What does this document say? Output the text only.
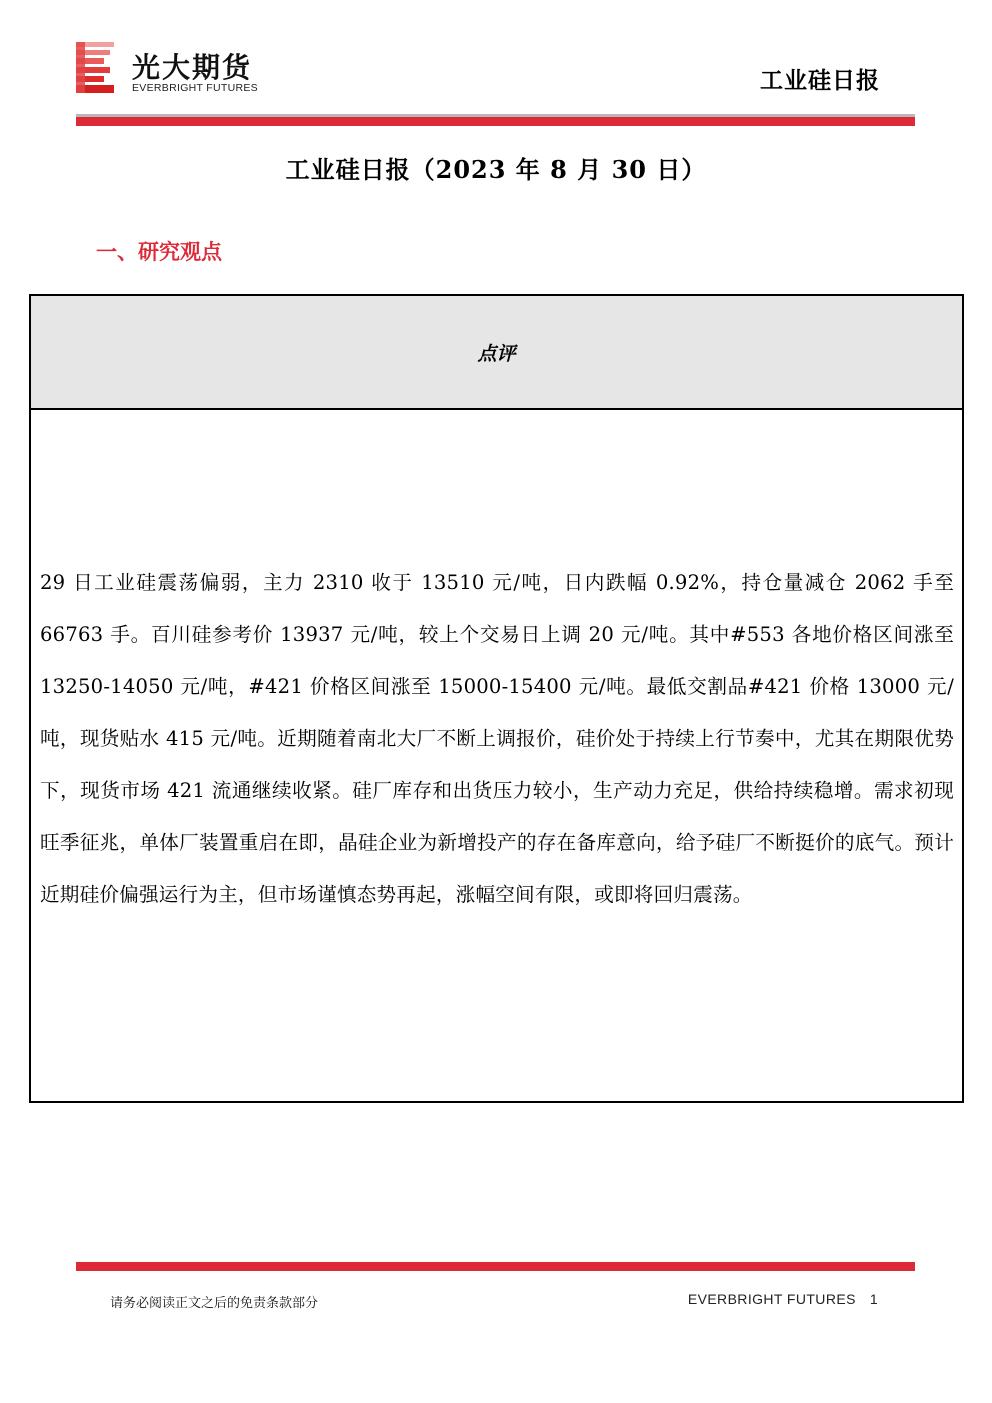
光大期货
EVERBRIGHT FUTURES	工业硅日报
工业硅日报（2023 年 8 月 30 日）
一、研究观点
点评

29 日工业硅震荡偏弱，主力 2310 收于 13510 元/吨，日内跌幅 0.92%，持仓量减仓 2062 手至 66763 手。百川硅参考价 13937 元/吨，较上个交易日上调 20 元/吨。其中#553 各地价格区间涨至 13250-14050 元/吨，#421 价格区间涨至 15000-15400 元/吨。最低交割品#421 价格 13000 元/吨，现货贴水 415 元/吨。近期随着南北大厂不断上调报价，硅价处于持续上行节奏中，尤其在期限优势下，现货市场 421 流通继续收紧。硅厂库存和出货压力较小，生产动力充足，供给持续稳增。需求初现旺季征兆，单体厂装置重启在即，晶硅企业为新增投产的存在备库意向，给予硅厂不断挺价的底气。预计近期硅价偏强运行为主，但市场谨慎态势再起，涨幅空间有限，或即将回归震荡。

请务必阅读正文之后的免责条款部分	EVERBRIGHT FUTURES 1
